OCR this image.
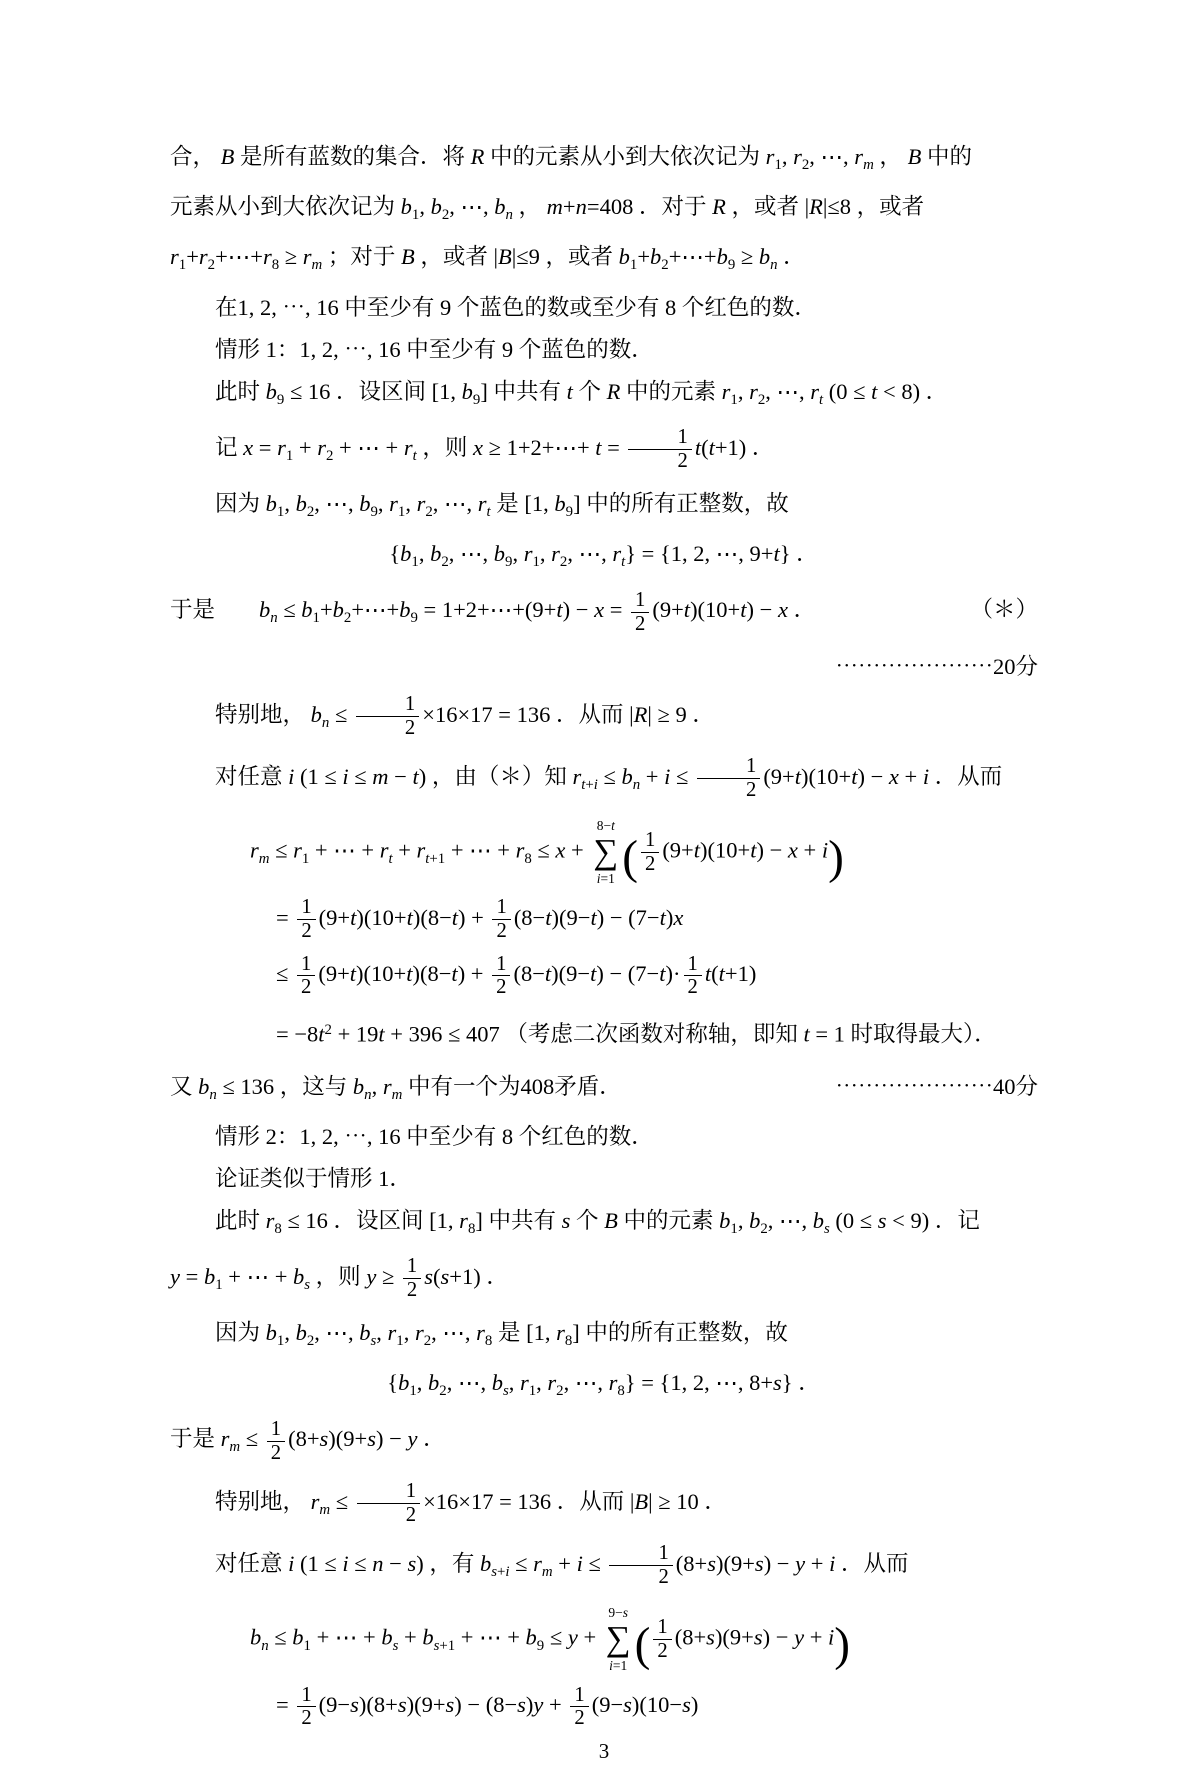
合， B 是所有蓝数的集合．将 R 中的元素从小到大依次记为 $r_1$, $r_2$, ⋯, $r_m$ ， B 中的

元素从小到大依次记为 $b_1$, $b_2$, ⋯, $b_n$ ， m+n=408 ．对于 R ，或者 |R|≤8 ，或者

$r_1+r_2+\cdots+r_8 \ge r_m$ ；对于 B ，或者 |B|≤9 ，或者 $b_1+b_2+\cdots+b_9 \ge b_n$ ．

在1, 2, ⋯, 16 中至少有 9 个蓝色的数或至少有 8 个红色的数．

情形 1：1, 2, ⋯, 16 中至少有 9 个蓝色的数．

此时 $b_9 \le 16$ ．设区间 [1, $b_9$] 中共有 t 个 R 中的元素 $r_1$, $r_2$, ⋯, $r_t$ (0 ≤ t < 8) ．

记 $x = r_1 + r_2$ + ⋯ + $r_t$ ，则 x ≥ 1+2+⋯+ $t = \frac{1}{2} t(t+1)$ ．

因为 $b_1$, $b_2$, ⋯, $b_9$, $r_1$, $r_2$, ⋯, $r_t$ 是 [1, $b_9$] 中的所有正整数，故

{$b_1$, $b_2$, ⋯, $b_9$, $r_1$, $r_2$, ⋯, $r_t\} = \{1$, 2, ⋯, 9+t} ．

于是 $b_n$ ≤ $b_1+b_2+\cdots+b_9$ = 1+2+⋯+(9+t) − $x = \frac{1}{2} (9+t)(10+t) - x$ ．	（＊）

⋯⋯⋯⋯⋯⋯⋯20分

特别地， $b_n \le \frac{1}{2} \times 16\times 17 = 136$ ．从而 |R| ≥ 9 ．

对任意 i (1 ≤ i ≤ m − t) ，由（＊）知 $r_{t+i} \le b_n + i \le \frac{1}{2} (9+t)(10+t) - x + i$ ．从而

$r_m \le r_1$ + ⋯ + $r_t + r_{t+1}$ + ⋯ + $r_8 \le x$ +
8−t
∑
i=1 ( $\frac{1}{2} (9+t)(10+t) - x + i$)

= $\frac{1}{2} (9+t)(10+t)(8-t) + \frac{1}{2} (8-t)(9-t) - (7-t)x$

≤ $\frac{1}{2} (9+t)(10+t)(8-t) + \frac{1}{2} (8-t)(9-t) - (7-t)\cdot \frac{1}{2} t(t+1)$

= $-8t^2 + 19t + 396 \le 407$ （考虑二次函数对称轴，即知 t = 1 时取得最大）．

又 $b_n \le 136$ ，这与 $b_n$, $r_m$ 中有一个为408矛盾．	⋯⋯⋯⋯⋯⋯⋯40分

情形 2：1, 2, ⋯, 16 中至少有 8 个红色的数．

论证类似于情形 1．

此时 $r_8 \le 16$ ．设区间 [1, $r_8$] 中共有 s 个 B 中的元素 $b_1$, $b_2$, ⋯, $b_s$ (0 ≤ s < 9) ．记

$y = b_1$ + ⋯ + $b_s$ ，则 $y \ge \frac{1}{2} s(s+1)$ ．

因为 $b_1$, $b_2$, ⋯, $b_s$, $r_1$, $r_2$, ⋯, $r_8$ 是 [1, $r_8$] 中的所有正整数，故

{$b_1$, $b_2$, ⋯, $b_s$, $r_1$, $r_2$, ⋯, $r_8\} = \{1$, 2, ⋯, 8+s} ．

于是 $r_m \le \frac{1}{2} (8+s)(9+s) - y$ ．

特别地， $r_m \le \frac{1}{2} \times 16\times 17 = 136$ ．从而 |B| ≥ 10 ．

对任意 i (1 ≤ i ≤ n − s) ，有 $b_{s+i} \le r_m + i \le \frac{1}{2} (8+s)(9+s) - y + i$ ．从而

$b_n \le b_1$ + ⋯ + $b_s + b_{s+1}$ + ⋯ + $b_9 \le y$ +
9−s
∑
i=1 ( $\frac{1}{2} (8+s)(9+s) - y + i$)

= $\frac{1}{2} (9-s)(8+s)(9+s) - (8-s)y + \frac{1}{2} (9-s)(10-s)$

3
